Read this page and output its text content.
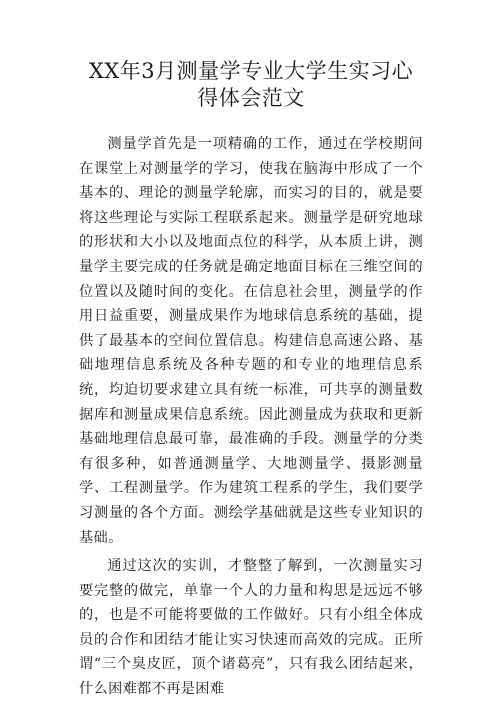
XX年3月测量学专业大学生实习心得体会范文

测量学首先是一项精确的工作，通过在学校期间在课堂上对测量学的学习，使我在脑海中形成了一个基本的、理论的测量学轮廓，而实习的目的，就是要将这些理论与实际工程联系起来。测量学是研究地球的形状和大小以及地面点位的科学，从本质上讲，测量学主要完成的任务就是确定地面目标在三维空间的位置以及随时间的变化。在信息社会里，测量学的作用日益重要，测量成果作为地球信息系统的基础，提供了最基本的空间位置信息。构建信息高速公路、基础地理信息系统及各种专题的和专业的地理信息系统，均迫切要求建立具有统一标准，可共享的测量数据库和测量成果信息系统。因此测量成为获取和更新基础地理信息最可靠，最准确的手段。测量学的分类有很多种，如普通测量学、大地测量学、摄影测量学、工程测量学。作为建筑工程系的学生，我们要学习测量的各个方面。测绘学基础就是这些专业知识的基础。

通过这次的实训，才整整了解到，一次测量实习要完整的做完，单靠一个人的力量和构思是远远不够的，也是不可能将要做的工作做好。只有小组全体成员的合作和团结才能让实习快速而高效的完成。正所谓“三个臭皮匠，顶个诸葛亮”，只有我么团结起来，什么困难都不再是困难
